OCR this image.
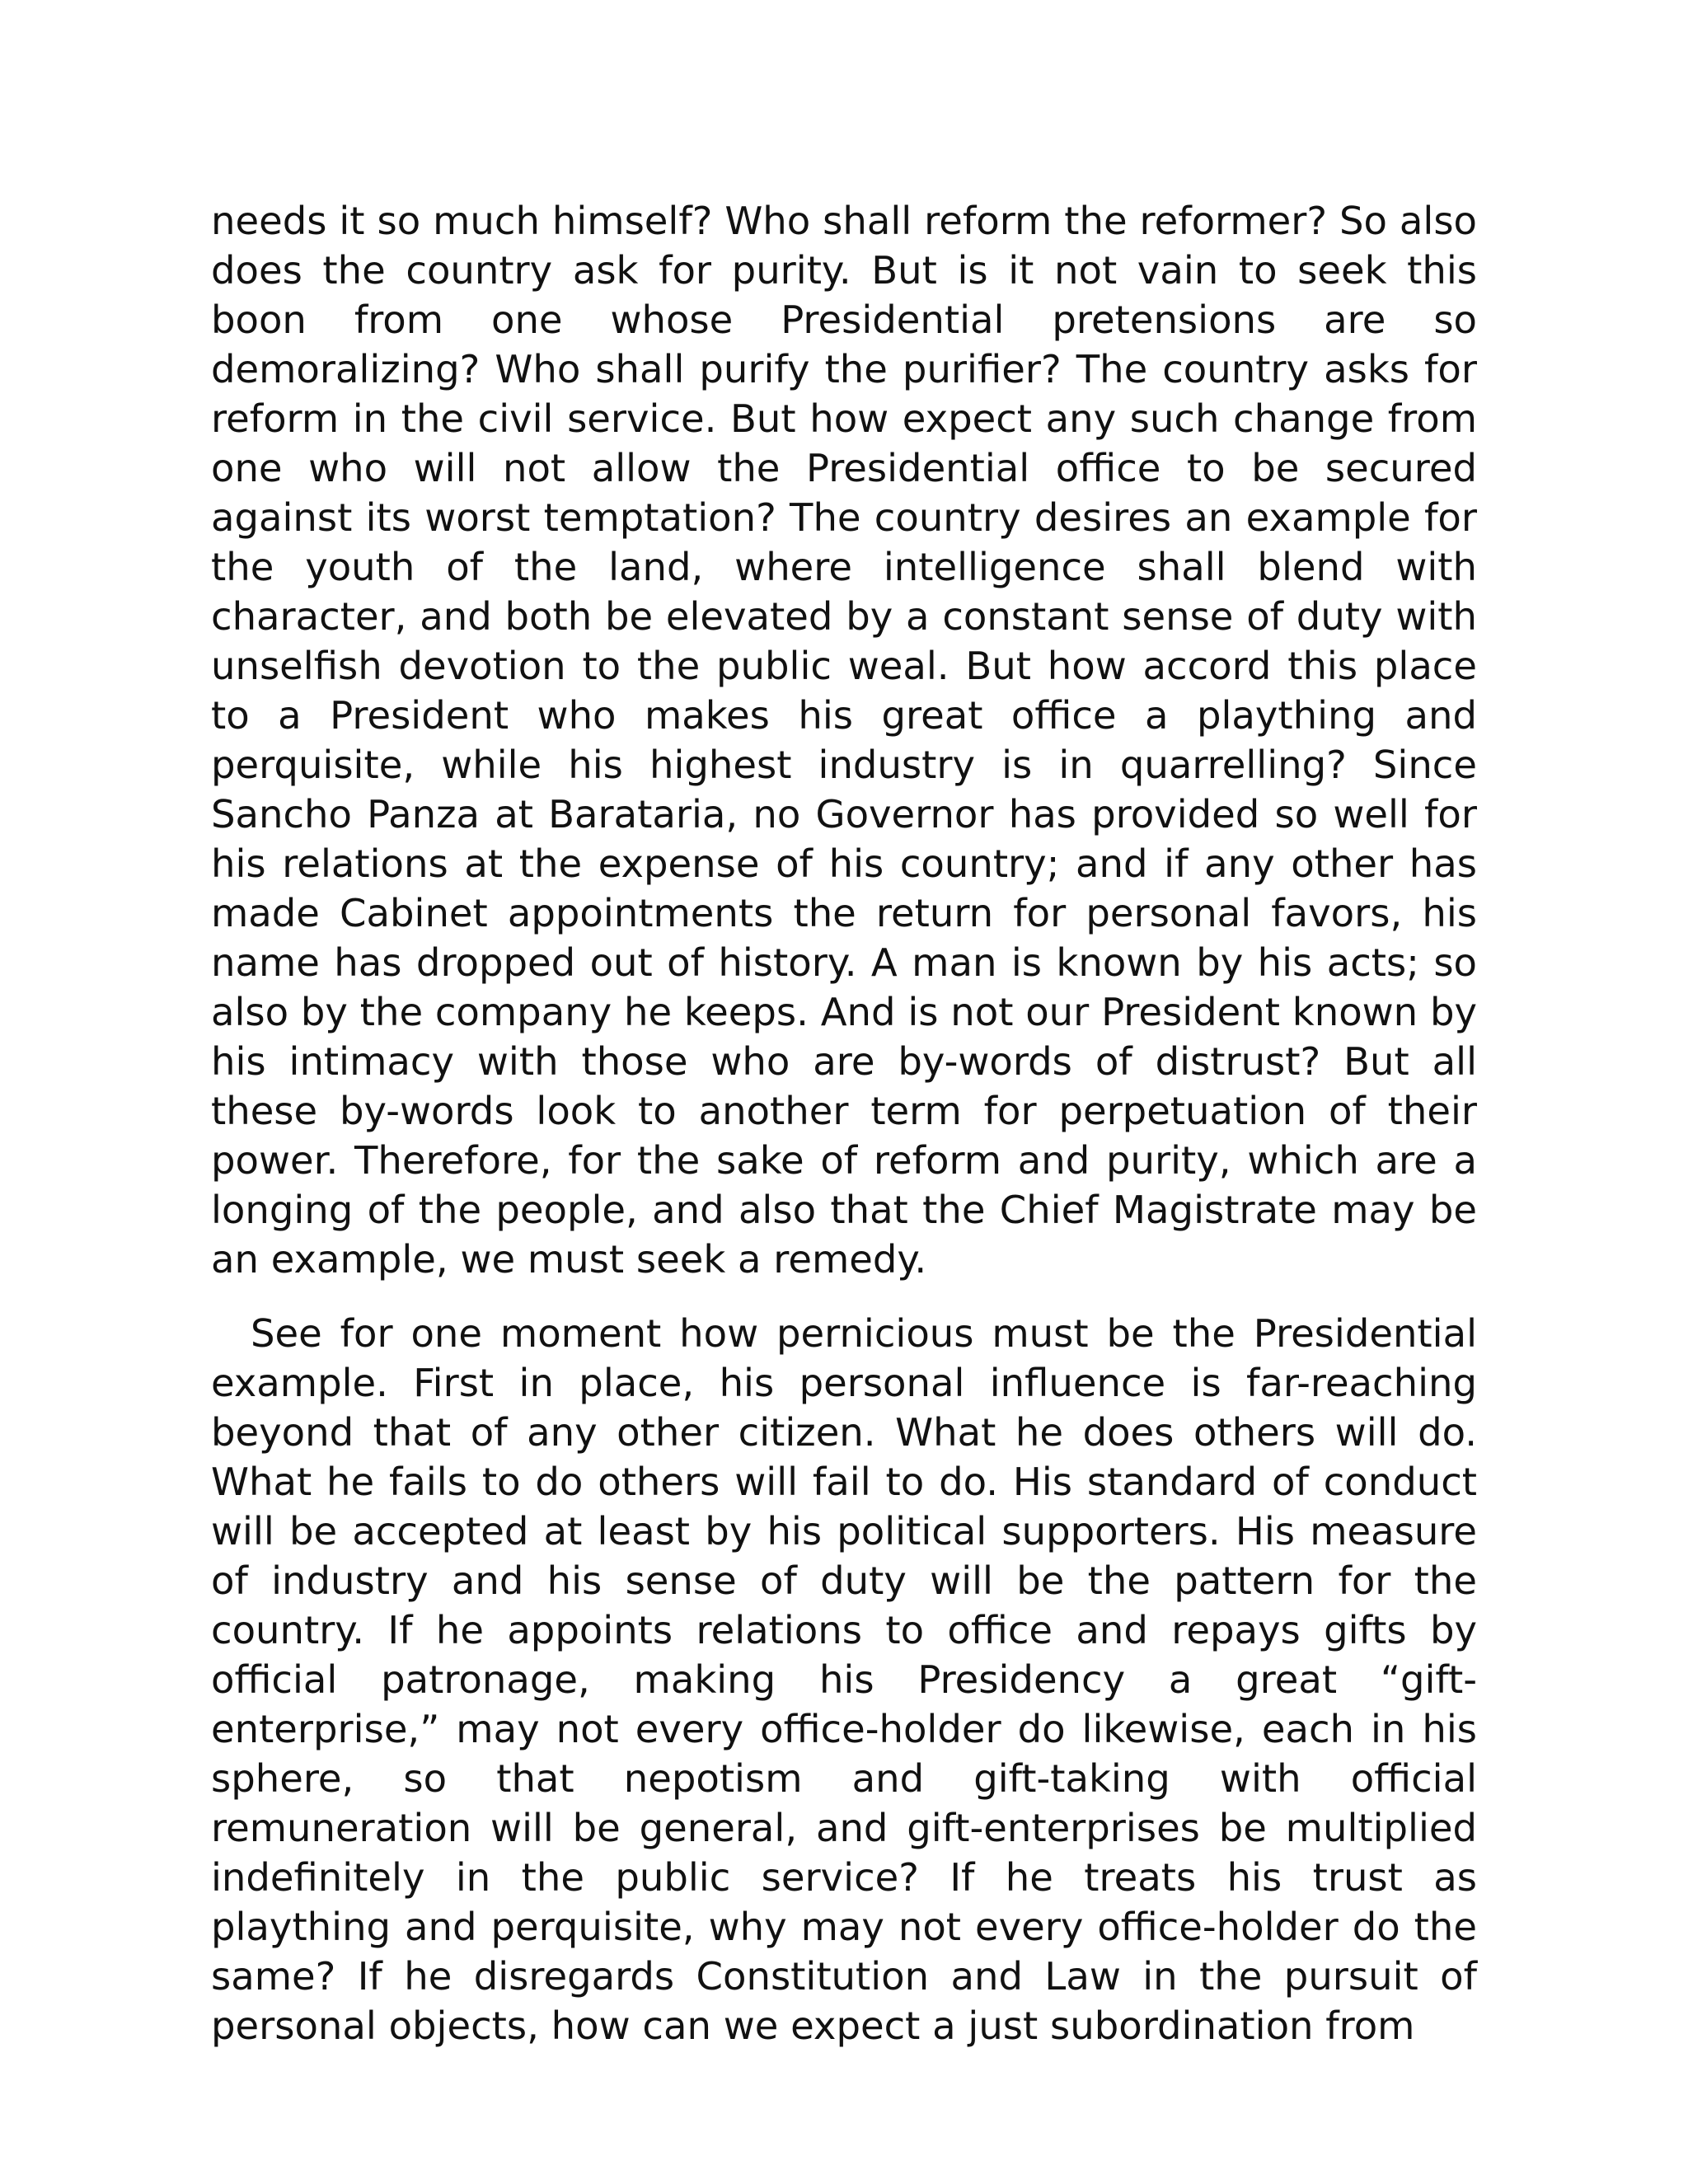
needs it so much himself? Who shall reform the reformer? So also does the country ask for purity. But is it not vain to seek this boon from one whose Presidential pretensions are so demoralizing? Who shall purify the purifier? The country asks for reform in the civil service. But how expect any such change from one who will not allow the Presidential office to be secured against its worst temptation? The country desires an example for the youth of the land, where intelligence shall blend with character, and both be elevated by a constant sense of duty with unselfish devotion to the public weal. But how accord this place to a President who makes his great office a plaything and perquisite, while his highest industry is in quarrelling? Since Sancho Panza at Barataria, no Governor has provided so well for his relations at the expense of his country; and if any other has made Cabinet appointments the return for personal favors, his name has dropped out of history. A man is known by his acts; so also by the company he keeps. And is not our President known by his intimacy with those who are by-words of distrust? But all these by-words look to another term for perpetuation of their power. Therefore, for the sake of reform and purity, which are a longing of the people, and also that the Chief Magistrate may be an example, we must seek a remedy.

See for one moment how pernicious must be the Presidential example. First in place, his personal influence is far-reaching beyond that of any other citizen. What he does others will do. What he fails to do others will fail to do. His standard of conduct will be accepted at least by his political supporters. His measure of industry and his sense of duty will be the pattern for the country. If he appoints relations to office and repays gifts by official patronage, making his Presidency a great “gift-enterprise,” may not every office-holder do likewise, each in his sphere, so that nepotism and gift-taking with official remuneration will be general, and gift-enterprises be multiplied indefinitely in the public service? If he treats his trust as plaything and perquisite, why may not every office-holder do the same? If he disregards Constitution and Law in the pursuit of personal objects, how can we expect a just subordination from
